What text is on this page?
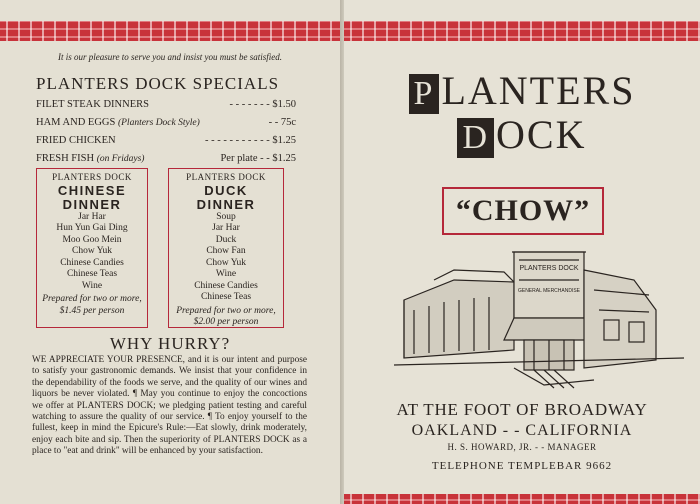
It is our pleasure to serve you and insist you must be satisfied.
PLANTERS DOCK SPECIALS
FILET STEAK DINNERS	- - - - - - - $1.50
HAM AND EGGS (Planters Dock Style)	- - 75c
FRIED CHICKEN	- - - - - - - - - - - $1.25
FRESH FISH (on Fridays)	Per plate - - $1.25
PLANTERS DOCK
CHINESE
DINNER
Jar Har
Hun Yun Gai Ding
Moo Goo Mein
Chow Yuk
Chinese Candies
Chinese Teas
Wine
Prepared for two or more, $1.45 per person
PLANTERS DOCK
DUCK
DINNER
Soup
Jar Har
Duck
Chow Fan
Chow Yuk
Wine
Chinese Candies
Chinese Teas
Prepared for two or more, $2.00 per person
WHY HURRY?
WE APPRECIATE YOUR PRESENCE, and it is our intent and purpose to satisfy your gastronomic demands. We insist that your confidence in the dependability of the foods we serve, and the quality of our wines and liquors be never violated. ¶ May you continue to enjoy the concoctions we offer at PLANTERS DOCK; we pledging patient testing and careful watching to assure the quality of our service. ¶ To enjoy yourself to the fullest, keep in mind the Epicure's Rule:—Eat slowly, drink moderately, enjoy each bite and sip. Then the superiority of PLANTERS DOCK as a place to "eat and drink" will be enhanced by your satisfaction.
P LANTERS
D OCK
“CHOW”
PLANTERS DOCK
GENERAL MERCHANDISE
AT THE FOOT OF BROADWAY
OAKLAND - - CALIFORNIA
H. S. HOWARD, JR. - - MANAGER
TELEPHONE TEMPLEBAR 9662
